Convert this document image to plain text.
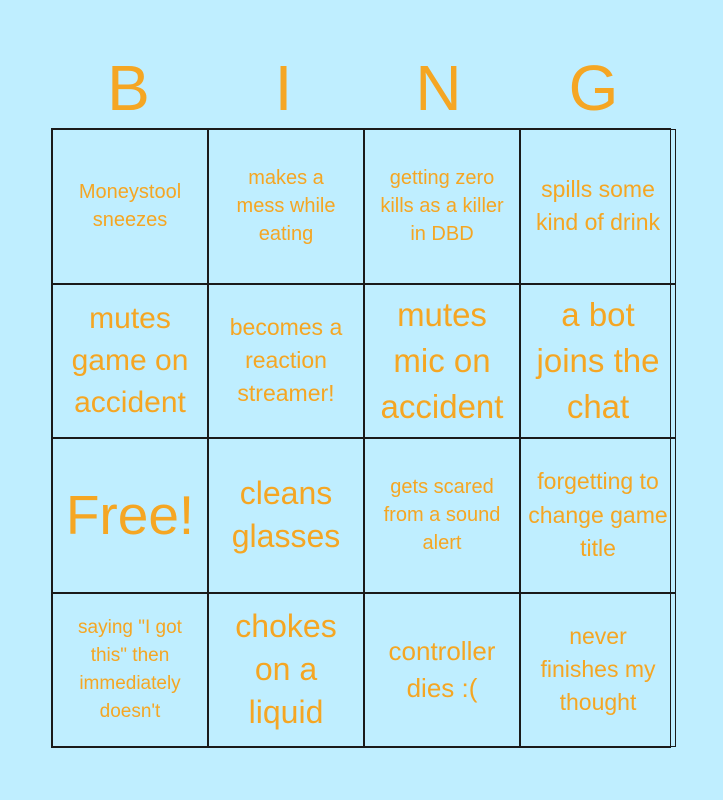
B	I	N	G
Moneystool sneezes
makes a mess while eating
getting zero kills as a killer in DBD
spills some kind of drink
mutes game on accident
becomes a reaction streamer!
mutes mic on accident
a bot joins the chat
Free!	cleans glasses
gets scared from a sound alert
forgetting to change game title
saying "I got this" then immediately doesn't
chokes on a liquid
controller dies :(
never finishes my thought
